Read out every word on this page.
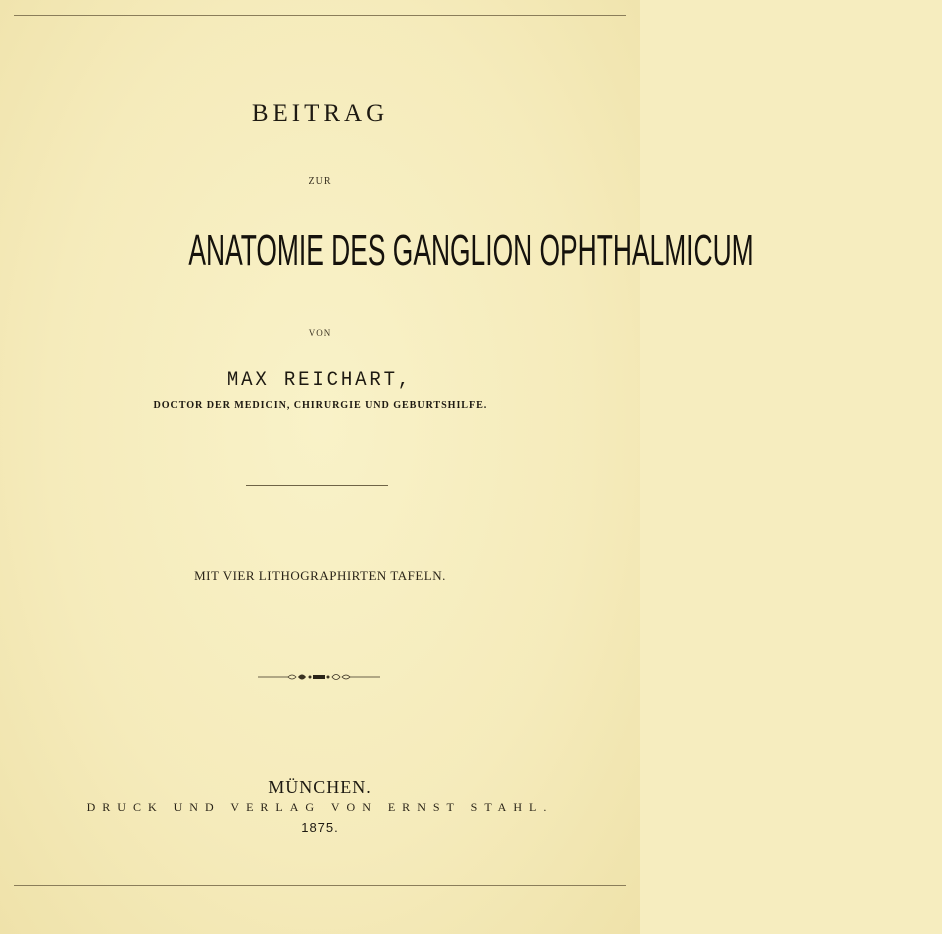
BEITRAG
ZUR
ANATOMIE DES GANGLION OPHTHALMICUM
VON
MAX REICHART,
DOCTOR DER MEDICIN, CHIRURGIE UND GEBURTSHILFE.
MIT VIER LITHOGRAPHIRTEN TAFELN.
MÜNCHEN.
DRUCK UND VERLAG VON ERNST STAHL.
1875.
